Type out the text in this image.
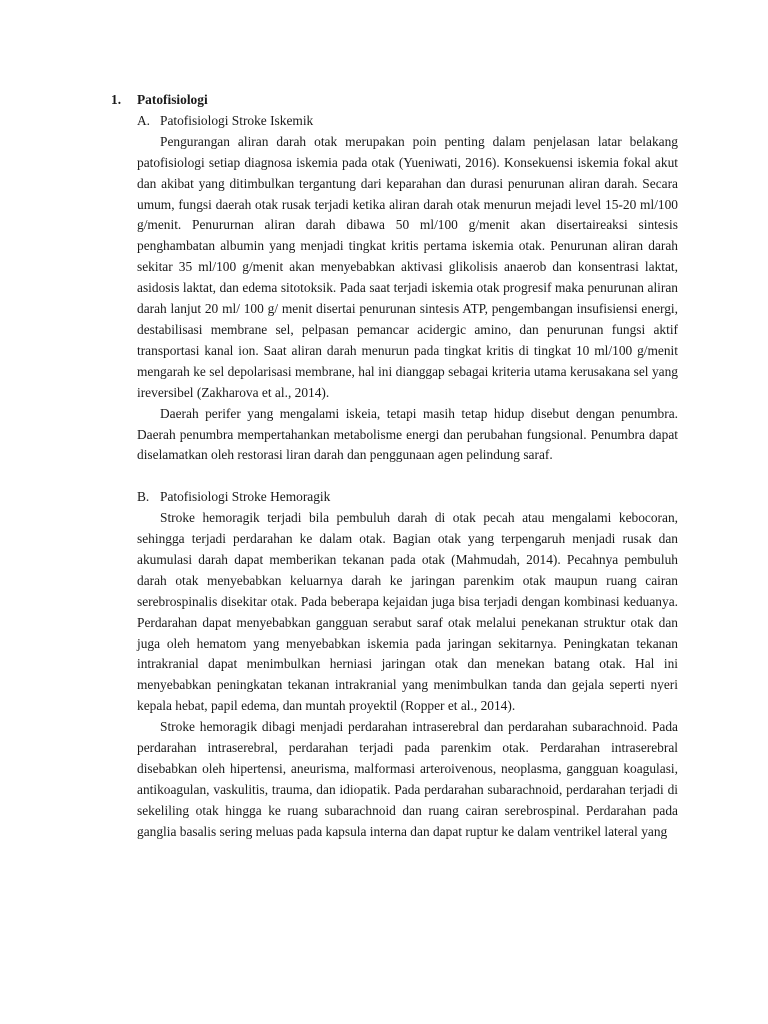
1. Patofisiologi
A. Patofisiologi Stroke Iskemik

Pengurangan aliran darah otak merupakan poin penting dalam penjelasan latar belakang patofisiologi setiap diagnosa iskemia pada otak (Yueniwati, 2016). Konsekuensi iskemia fokal akut dan akibat yang ditimbulkan tergantung dari keparahan dan durasi penurunan aliran darah. Secara umum, fungsi daerah otak rusak terjadi ketika aliran darah otak menurun mejadi level 15-20 ml/100 g/menit. Penururnan aliran darah dibawa 50 ml/100 g/menit akan disertaireaksi sintesis penghambatan albumin yang menjadi tingkat kritis pertama iskemia otak. Penurunan aliran darah sekitar 35 ml/100 g/menit akan menyebabkan aktivasi glikolisis anaerob dan konsentrasi laktat, asidosis laktat, dan edema sitotoksik. Pada saat terjadi iskemia otak progresif maka penurunan aliran darah lanjut 20 ml/ 100 g/ menit disertai penurunan sintesis ATP, pengembangan insufisiensi energi, destabilisasi membrane sel, pelpasan pemancar acidergic amino, dan penurunan fungsi aktif transportasi kanal ion. Saat aliran darah menurun pada tingkat kritis di tingkat 10 ml/100 g/menit mengarah ke sel depolarisasi membrane, hal ini dianggap sebagai kriteria utama kerusakana sel yang ireversibel (Zakharova et al., 2014).

Daerah perifer yang mengalami iskeia, tetapi masih tetap hidup disebut dengan penumbra. Daerah penumbra mempertahankan metabolisme energi dan perubahan fungsional. Penumbra dapat diselamatkan oleh restorasi liran darah dan penggunaan agen pelindung saraf.

B. Patofisiologi Stroke Hemoragik

Stroke hemoragik terjadi bila pembuluh darah di otak pecah atau mengalami kebocoran, sehingga terjadi perdarahan ke dalam otak. Bagian otak yang terpengaruh menjadi rusak dan akumulasi darah dapat memberikan tekanan pada otak (Mahmudah, 2014). Pecahnya pembuluh darah otak menyebabkan keluarnya darah ke jaringan parenkim otak maupun ruang cairan serebrospinalis disekitar otak. Pada beberapa kejaidan juga bisa terjadi dengan kombinasi keduanya. Perdarahan dapat menyebabkan gangguan serabut saraf otak melalui penekanan struktur otak dan juga oleh hematom yang menyebabkan iskemia pada jaringan sekitarnya. Peningkatan tekanan intrakranial dapat menimbulkan herniasi jaringan otak dan menekan batang otak. Hal ini menyebabkan peningkatan tekanan intrakranial yang menimbulkan tanda dan gejala seperti nyeri kepala hebat, papil edema, dan muntah proyektil (Ropper et al., 2014).

Stroke hemoragik dibagi menjadi perdarahan intraserebral dan perdarahan subarachnoid. Pada perdarahan intraserebral, perdarahan terjadi pada parenkim otak. Perdarahan intraserebral disebabkan oleh hipertensi, aneurisma, malformasi arteroivenous, neoplasma, gangguan koagulasi, antikoagulan, vaskulitis, trauma, dan idiopatik. Pada perdarahan subarachnoid, perdarahan terjadi di sekeliling otak hingga ke ruang subarachnoid dan ruang cairan serebrospinal. Perdarahan pada ganglia basalis sering meluas pada kapsula interna dan dapat ruptur ke dalam ventrikel lateral yang
